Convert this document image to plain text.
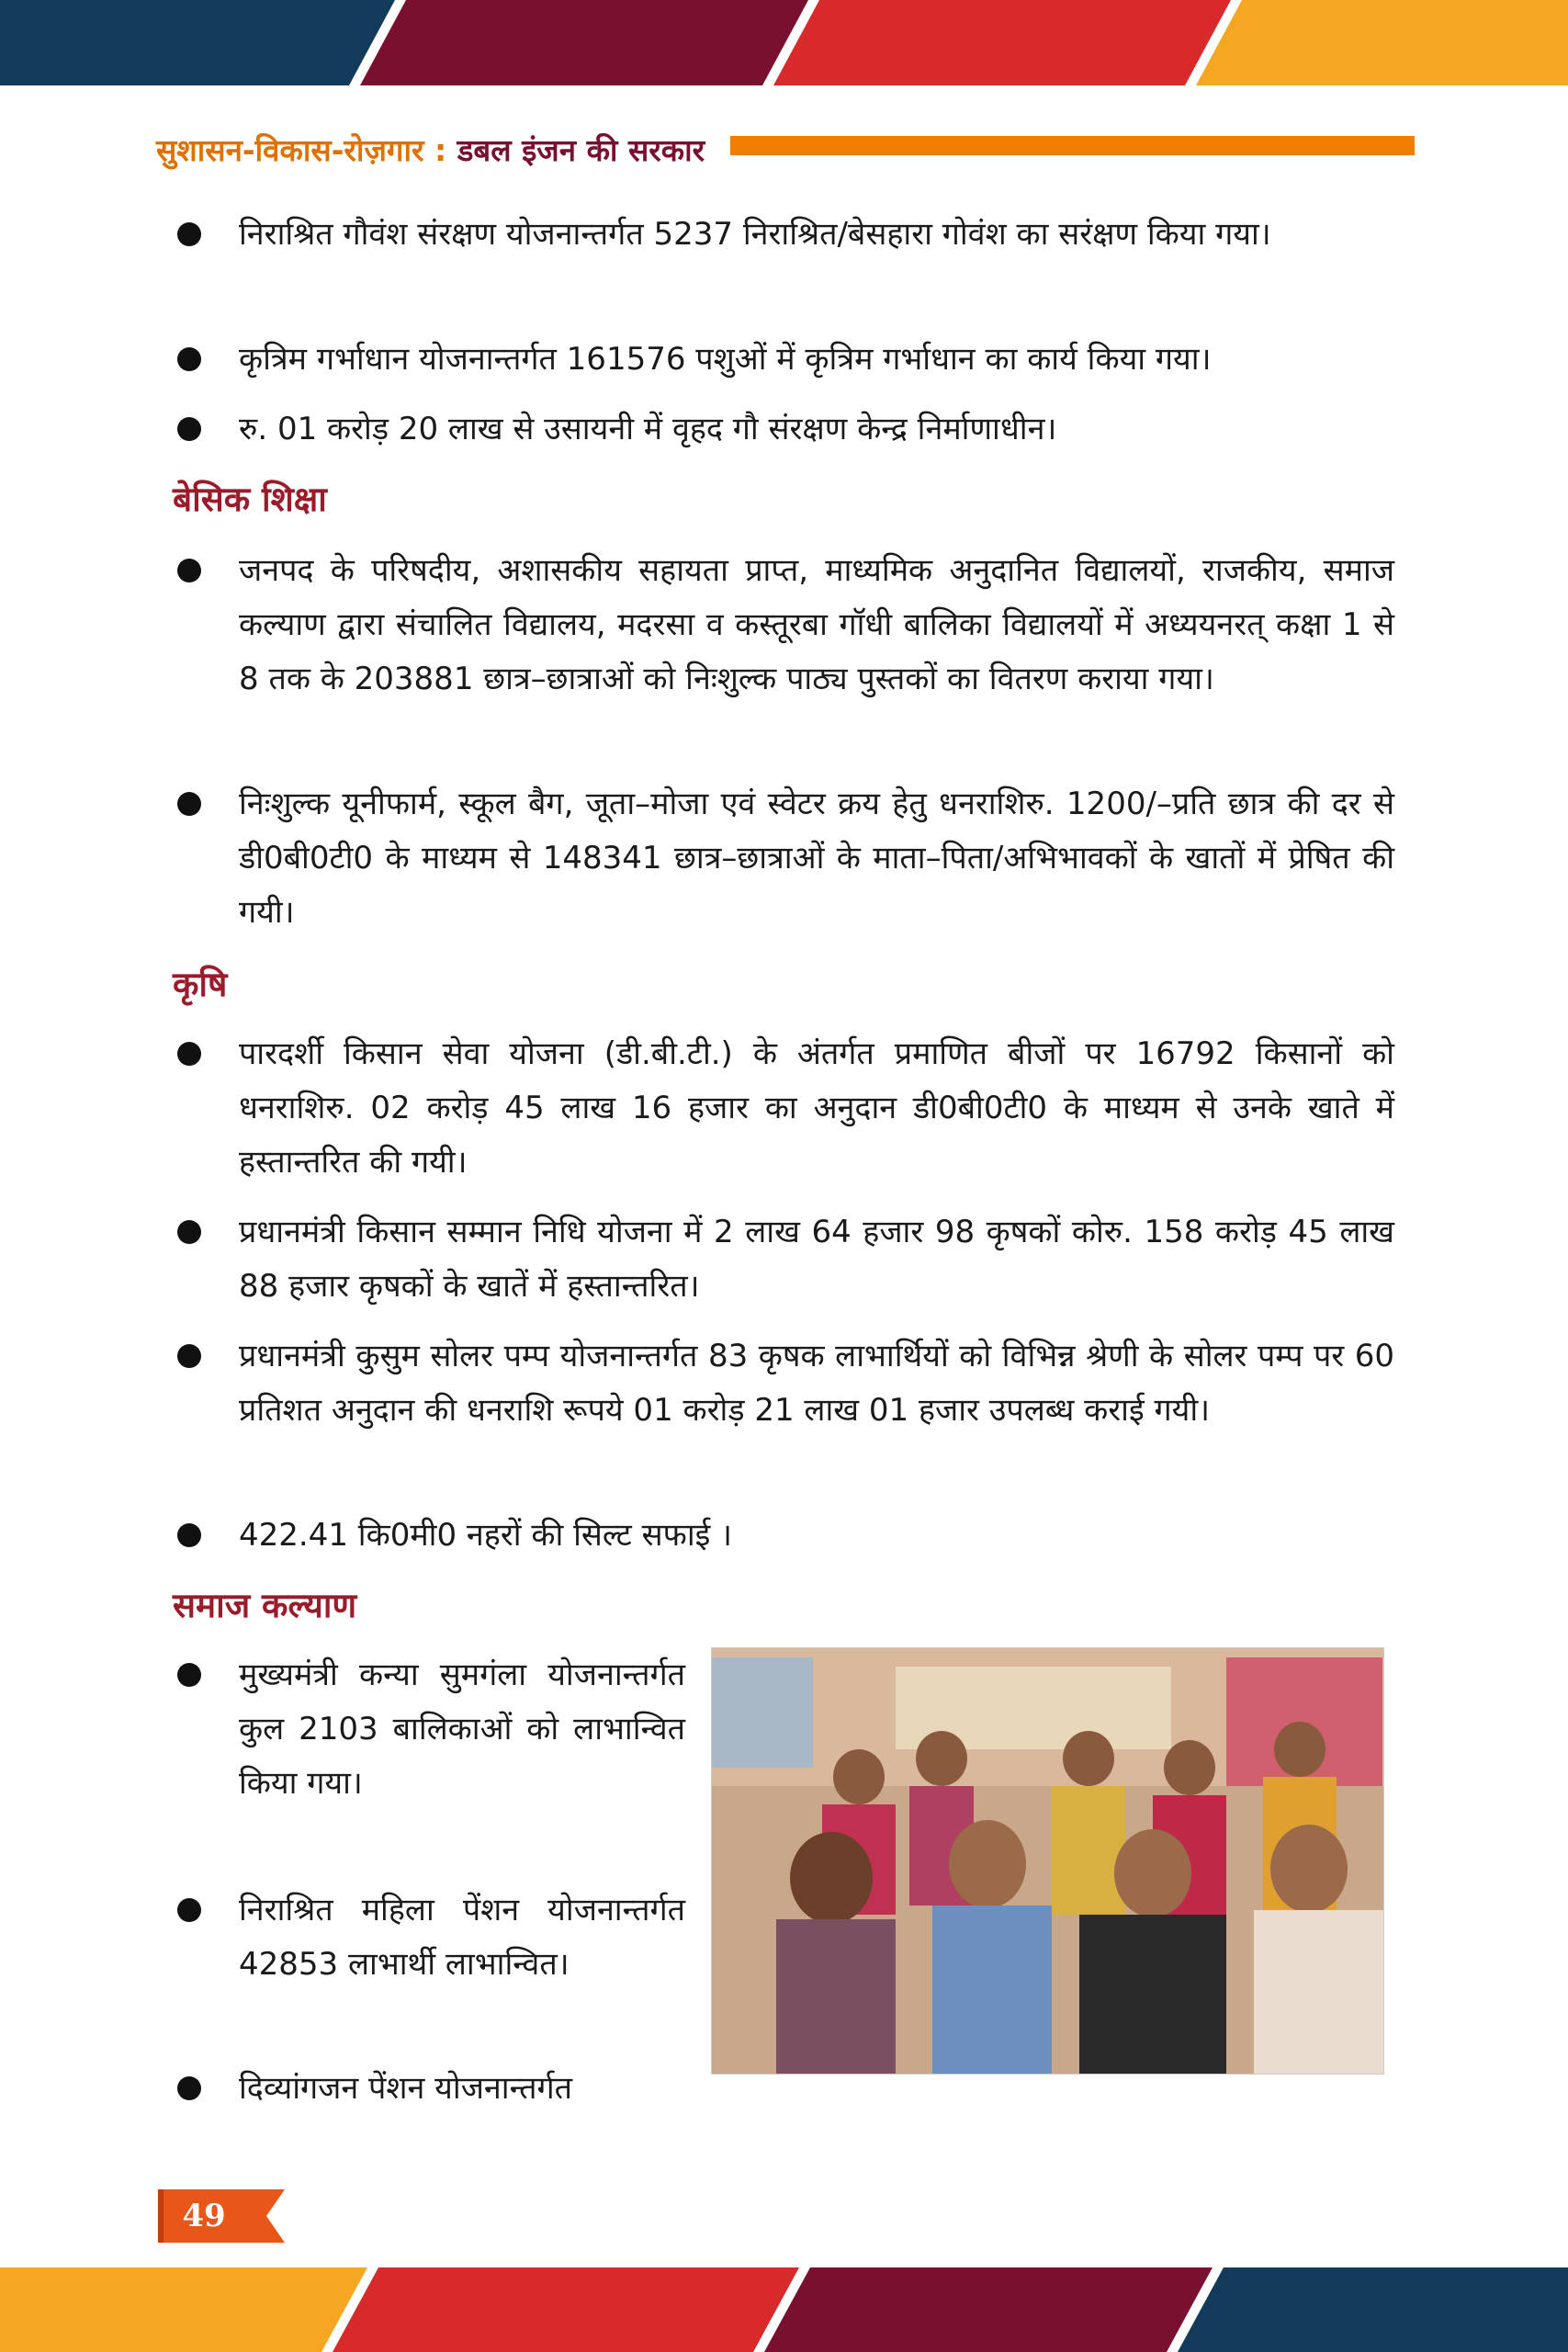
सुशासन-विकास-रोज़गार : डबल इंजन की सरकार
निराश्रित गौवंश संरक्षण योजनान्तर्गत 5237 निराश्रित/बेसहारा गोवंश का सरंक्षण किया गया।
कृत्रिम गर्भाधान योजनान्तर्गत 161576 पशुओं में कृत्रिम गर्भाधान का कार्य किया गया।
रु. 01 करोड़ 20 लाख से उसायनी में वृहद गौ संरक्षण केन्द्र निर्माणाधीन।
बेसिक शिक्षा
जनपद के परिषदीय, अशासकीय सहायता प्राप्त, माध्यमिक अनुदानित विद्यालयों, राजकीय, समाज कल्याण द्वारा संचालित विद्यालय, मदरसा व कस्तूरबा गॉधी बालिका विद्यालयों में अध्ययनरत् कक्षा 1 से 8 तक के 203881 छात्र–छात्राओं को निःशुल्क पाठ्य पुस्तकों का वितरण कराया गया।
निःशुल्क यूनीफार्म, स्कूल बैग, जूता–मोजा एवं स्वेटर क्रय हेतु धनराशिरु. 1200/–प्रति छात्र की दर से डी0बी0टी0 के माध्यम से 148341 छात्र–छात्राओं के माता–पिता/अभिभावकों के खातों में प्रेषित की गयी।
कृषि
पारदर्शी किसान सेवा योजना (डी.बी.टी.) के अंतर्गत प्रमाणित बीजों पर 16792 किसानों को धनराशिरु. 02 करोड़ 45 लाख 16 हजार का अनुदान डी0बी0टी0 के माध्यम से उनके खाते में हस्तान्तरित की गयी।
प्रधानमंत्री किसान सम्मान निधि योजना में 2 लाख 64 हजार 98 कृषकों कोरु. 158 करोड़ 45 लाख 88 हजार कृषकों के खातें में हस्तान्तरित।
प्रधानमंत्री कुसुम सोलर पम्प योजनान्तर्गत 83 कृषक लाभार्थियों को विभिन्न श्रेणी के सोलर पम्प पर 60 प्रतिशत अनुदान की धनराशि रूपये 01 करोड़ 21 लाख 01 हजार उपलब्ध कराई गयी।
422.41 कि0मी0 नहरों की सिल्ट सफाई ।
समाज कल्याण
मुख्यमंत्री कन्या सुमगंला योजनान्तर्गत कुल 2103 बालिकाओं को लाभान्वित किया गया।
निराश्रित महिला पेंशन योजनान्तर्गत 42853 लाभार्थी लाभान्वित।
दिव्यांगजन पेंशन योजनान्तर्गत
49
